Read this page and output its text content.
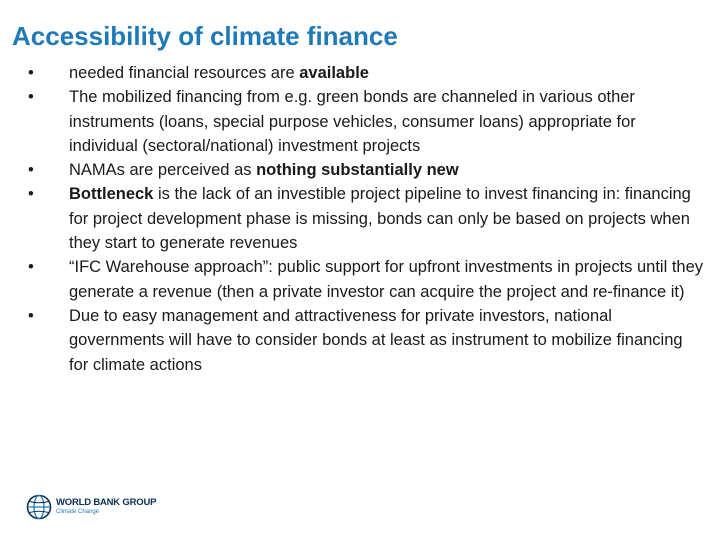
Accessibility of climate finance
•	needed financial resources are available
•	The mobilized financing from e.g. green bonds are channeled in various other instruments (loans, special purpose vehicles, consumer loans) appropriate for individual (sectoral/national) investment projects
•	NAMAs are perceived as nothing substantially new
•	Bottleneck is the lack of an investible project pipeline to invest financing in: financing for project development phase is missing, bonds can only be based on projects when they start to generate revenues
•	“IFC Warehouse approach”: public support for upfront investments in projects until they generate a revenue (then a private investor can acquire the project and re-finance it)
•	Due to easy management and attractiveness for private investors, national governments will have to consider bonds at least as instrument to mobilize financing for climate actions
WORLD BANK GROUP
Climate Change
